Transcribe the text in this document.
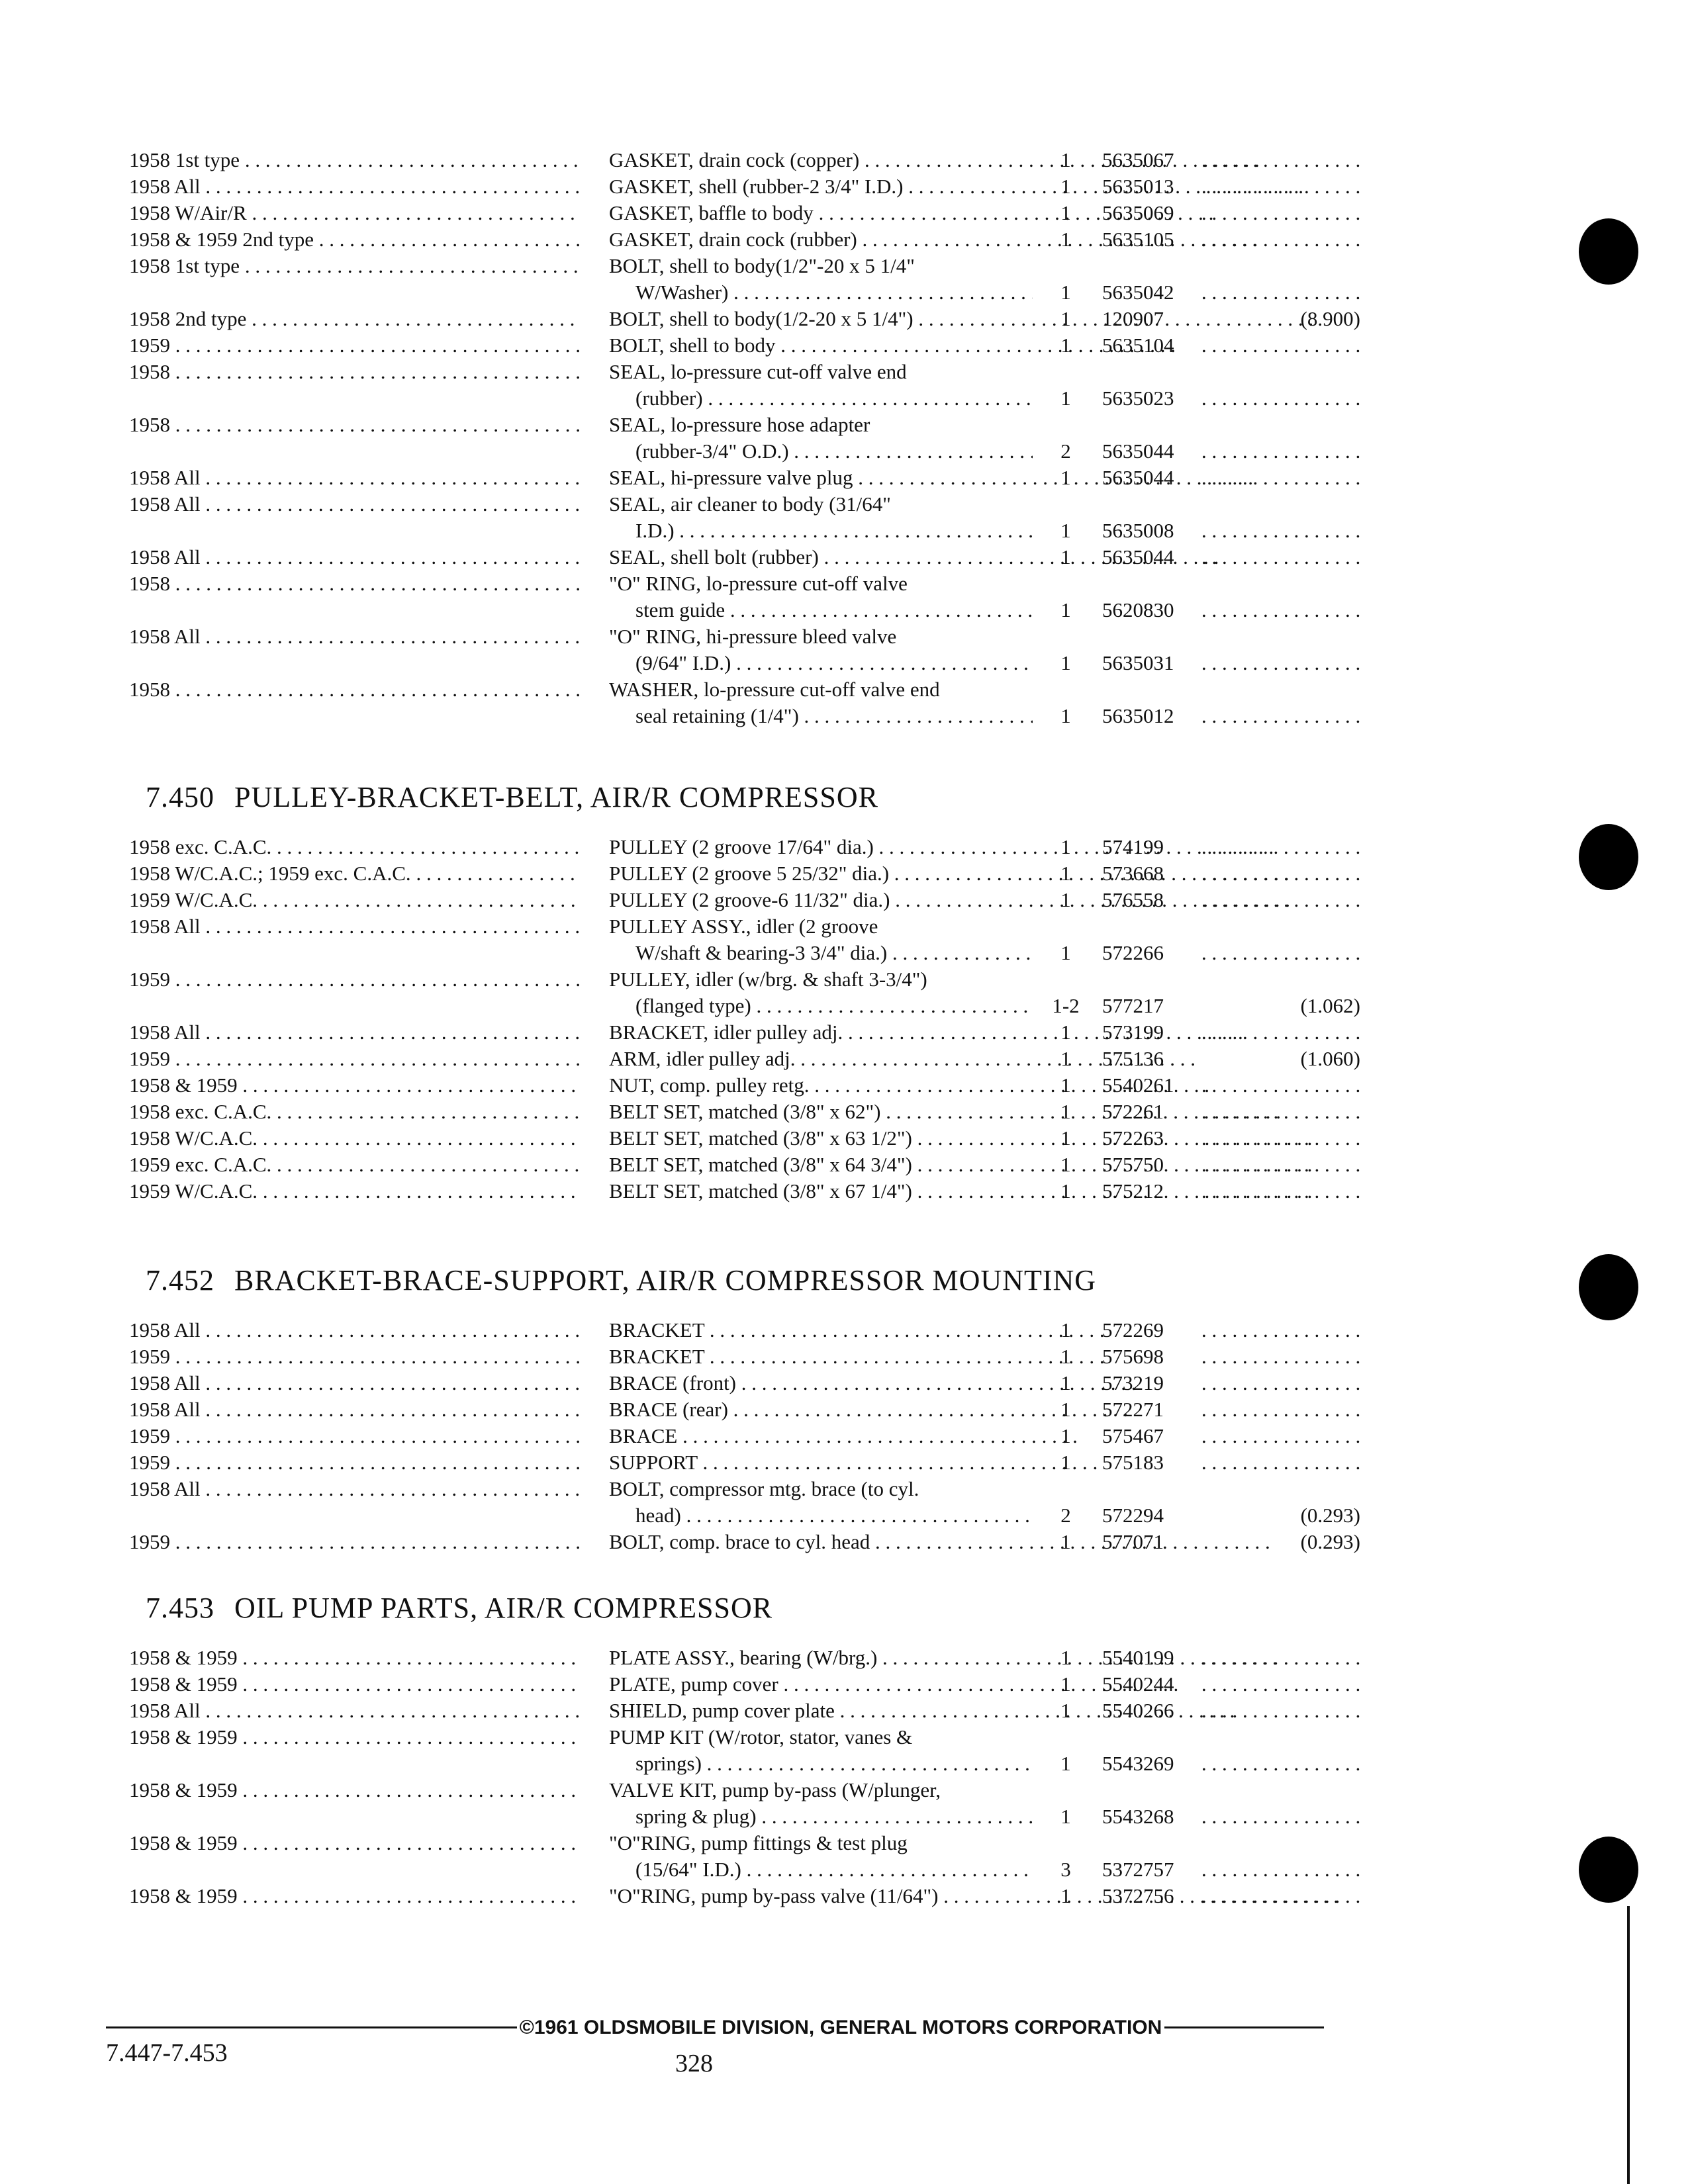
1958 1st type . . .	GASKET, drain cock (copper) . . .	1	5635067
. . .
1958 All . . .	GASKET, shell (rubber-2 3/4" I.D.) . . .	1	5635013
. . .
1958 W/Air/R . . .	GASKET, baffle to body . . .	1	5635069
. . .
1958 & 1959 2nd type . . .	GASKET, drain cock (rubber) . . .	1	5635105
. . .
1958 1st type . . .	BOLT, shell to body(1/2"-20 x 5 1/4"
W/Washer) . . .	1	5635042
. . .
1958 2nd type . . .	BOLT, shell to body(1/2-20 x 5 1/4") . . .	1	120907	(8.900)
1959 . . .	BOLT, shell to body . . .	1	5635104
. . .
1958 . . .	SEAL, lo-pressure cut-off valve end
(rubber) . . .	1	5635023
. . .
1958 . . .	SEAL, lo-pressure hose adapter
(rubber-3/4" O.D.) . . .	2	5635044
. . .
1958 All . . .	SEAL, hi-pressure valve plug . . .	1	5635044
. . .
1958 All . . .	SEAL, air cleaner to body (31/64"
I.D.) . . .	1	5635008
. . .
1958 All . . .	SEAL, shell bolt (rubber) . . .	1	5635044
. . .
1958 . . .	"O" RING, lo-pressure cut-off valve
stem guide . . .	1	5620830
. . .
1958 All . . .	"O" RING, hi-pressure bleed valve
(9/64" I.D.) . . .	1	5635031
. . .
1958 . . .	WASHER, lo-pressure cut-off valve end
seal retaining (1/4") . . .	1	5635012
. . .
7.450 PULLEY-BRACKET-BELT, AIR/R COMPRESSOR
1958 exc. C.A.C. . . .	PULLEY (2 groove 17/64" dia.) . . .	1	574199
. . .
1958 W/C.A.C.; 1959 exc. C.A.C. . . .	PULLEY (2 groove 5 25/32" dia.) . . .	1	573668
. . .
1959 W/C.A.C. . . .	PULLEY (2 groove-6 11/32" dia.) . . .	1	576558
. . .
1958 All . . .	PULLEY ASSY., idler (2 groove
W/shaft & bearing-3 3/4" dia.) . . .	1	572266
. . .
1959 . . .	PULLEY, idler (w/brg. & shaft 3-3/4")
(flanged type) . . .	1-2	577217	(1.062)
1958 All . . .	BRACKET, idler pulley adj. . . .	1	573199
. . .
1959 . . .	ARM, idler pulley adj. . . .	1	575136	(1.060)
1958 & 1959 . . .	NUT, comp. pulley retg. . . .	1	5540261
. . .
1958 exc. C.A.C. . . .	BELT SET, matched (3/8" x 62") . . .	1	572261
. . .
1958 W/C.A.C. . . .	BELT SET, matched (3/8" x 63 1/2") . . .	1	572263
. . .
1959 exc. C.A.C. . . .	BELT SET, matched (3/8" x 64 3/4") . . .	1	575750
. . .
1959 W/C.A.C. . . .	BELT SET, matched (3/8" x 67 1/4") . . .	1	575212
. . .
7.452 BRACKET-BRACE-SUPPORT, AIR/R COMPRESSOR MOUNTING
1958 All . . .	BRACKET . . .	1	572269
. . .
1959 . . .	BRACKET . . .	1	575698
. . .
1958 All . . .	BRACE (front) . . .	1	573219
. . .
1958 All . . .	BRACE (rear) . . .	1	572271
. . .
1959 . . .	BRACE . . .	1	575467
. . .
1959 . . .	SUPPORT . . .	1	575183
. . .
1958 All . . .	BOLT, compressor mtg. brace (to cyl.
head) . . .	2	572294	(0.293)
1959 . . .	BOLT, comp. brace to cyl. head . . .	1	577071	(0.293)
7.453 OIL PUMP PARTS, AIR/R COMPRESSOR
1958 & 1959 . . .	PLATE ASSY., bearing (W/brg.) . . .	1	5540199
. . .
1958 & 1959 . . .	PLATE, pump cover . . .	1	5540244
. . .
1958 All . . .	SHIELD, pump cover plate . . .	1	5540266
. . .
1958 & 1959 . . .	PUMP KIT (W/rotor, stator, vanes &
springs) . . .	1	5543269
. . .
1958 & 1959 . . .	VALVE KIT, pump by-pass (W/plunger,
spring & plug) . . .	1	5543268
. . .
1958 & 1959 . . .	"O"RING, pump fittings & test plug
(15/64" I.D.) . . .	3	5372757
. . .
1958 & 1959 . . .	"O"RING, pump by-pass valve (11/64") . . .	1	5372756
. . .
©1961 OLDSMOBILE DIVISION, GENERAL MOTORS CORPORATION
7.447-7.453	328
